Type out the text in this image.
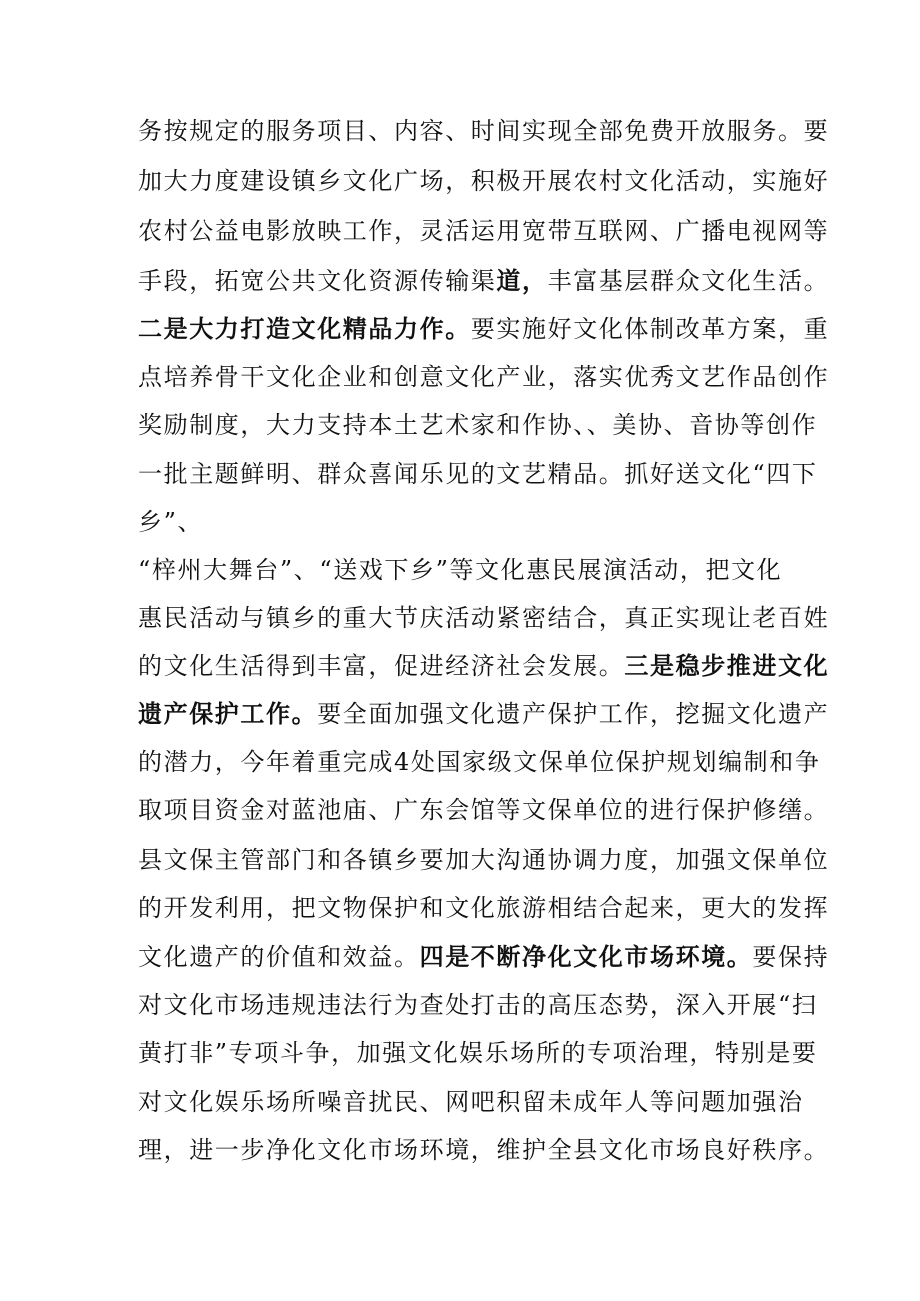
务按规定的服务项目、内容、时间实现全部免费开放服务。要
加大力度建设镇乡文化广场，积极开展农村文化活动，实施好
农村公益电影放映工作，灵活运用宽带互联网、广播电视网等
手段，拓宽公共文化资源传输渠道，丰富基层群众文化生活。
二是大力打造文化精品力作。要实施好文化体制改革方案，重
点培养骨干文化企业和创意文化产业，落实优秀文艺作品创作
奖励制度，大力支持本土艺术家和作协、、美协、音协等创作
一批主题鲜明、群众喜闻乐见的文艺精品。抓好送文化“四下
乡”、
“梓州大舞台”、“送戏下乡”等文化惠民展演活动，把文化
惠民活动与镇乡的重大节庆活动紧密结合，真正实现让老百姓
的文化生活得到丰富，促进经济社会发展。三是稳步推进文化
遗产保护工作。要全面加强文化遗产保护工作，挖掘文化遗产
的潜力，今年着重完成4处国家级文保单位保护规划编制和争
取项目资金对蓝池庙、广东会馆等文保单位的进行保护修缮。
县文保主管部门和各镇乡要加大沟通协调力度，加强文保单位
的开发利用，把文物保护和文化旅游相结合起来，更大的发挥
文化遗产的价值和效益。四是不断净化文化市场环境。要保持
对文化市场违规违法行为查处打击的高压态势，深入开展“扫
黄打非”专项斗争，加强文化娱乐场所的专项治理，特别是要
对文化娱乐场所噪音扰民、网吧积留未成年人等问题加强治
理，进一步净化文化市场环境，维护全县文化市场良好秩序。
